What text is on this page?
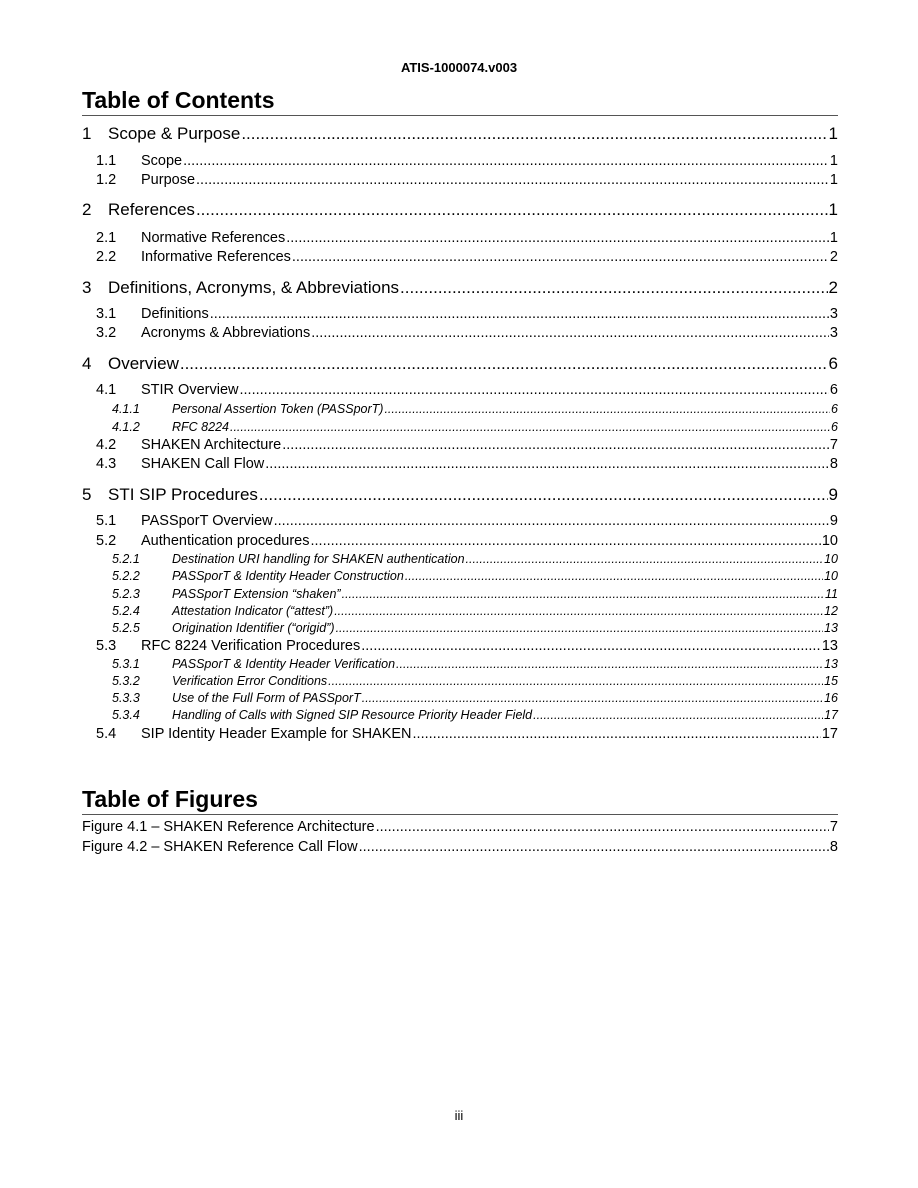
ATIS-1000074.v003
Table of Contents
1 Scope & Purpose .....	1
1.1	Scope .....	1
1.2	Purpose .....	1
2 References .....	1
2.1	Normative References .....	1
2.2	Informative References .....	2
3 Definitions, Acronyms, & Abbreviations .....	2
3.1	Definitions .....	3
3.2	Acronyms & Abbreviations .....	3
4 Overview .....	6
4.1	STIR Overview .....	6
4.1.1	Personal Assertion Token (PASSporT) .....	6
4.1.2	RFC 8224 .....	6
4.2	SHAKEN Architecture .....	7
4.3	SHAKEN Call Flow .....	8
5 STI SIP Procedures .....	9
5.1	PASSporT Overview .....	9
5.2	Authentication procedures .....	10
5.2.1	Destination URI handling for SHAKEN authentication .....	10
5.2.2	PASSporT & Identity Header Construction .....	10
5.2.3	PASSporT Extension “shaken” .....	11
5.2.4	Attestation Indicator (“attest”) .....	12
5.2.5	Origination Identifier (“origid”) .....	13
5.3	RFC 8224 Verification Procedures .....	13
5.3.1	PASSporT & Identity Header Verification .....	13
5.3.2	Verification Error Conditions .....	15
5.3.3	Use of the Full Form of PASSporT .....	16
5.3.4	Handling of Calls with Signed SIP Resource Priority Header Field .....	17
5.4	SIP Identity Header Example for SHAKEN .....	17
Table of Figures
Figure 4.1 – SHAKEN Reference Architecture .....	7
Figure 4.2 – SHAKEN Reference Call Flow .....	8
iii
